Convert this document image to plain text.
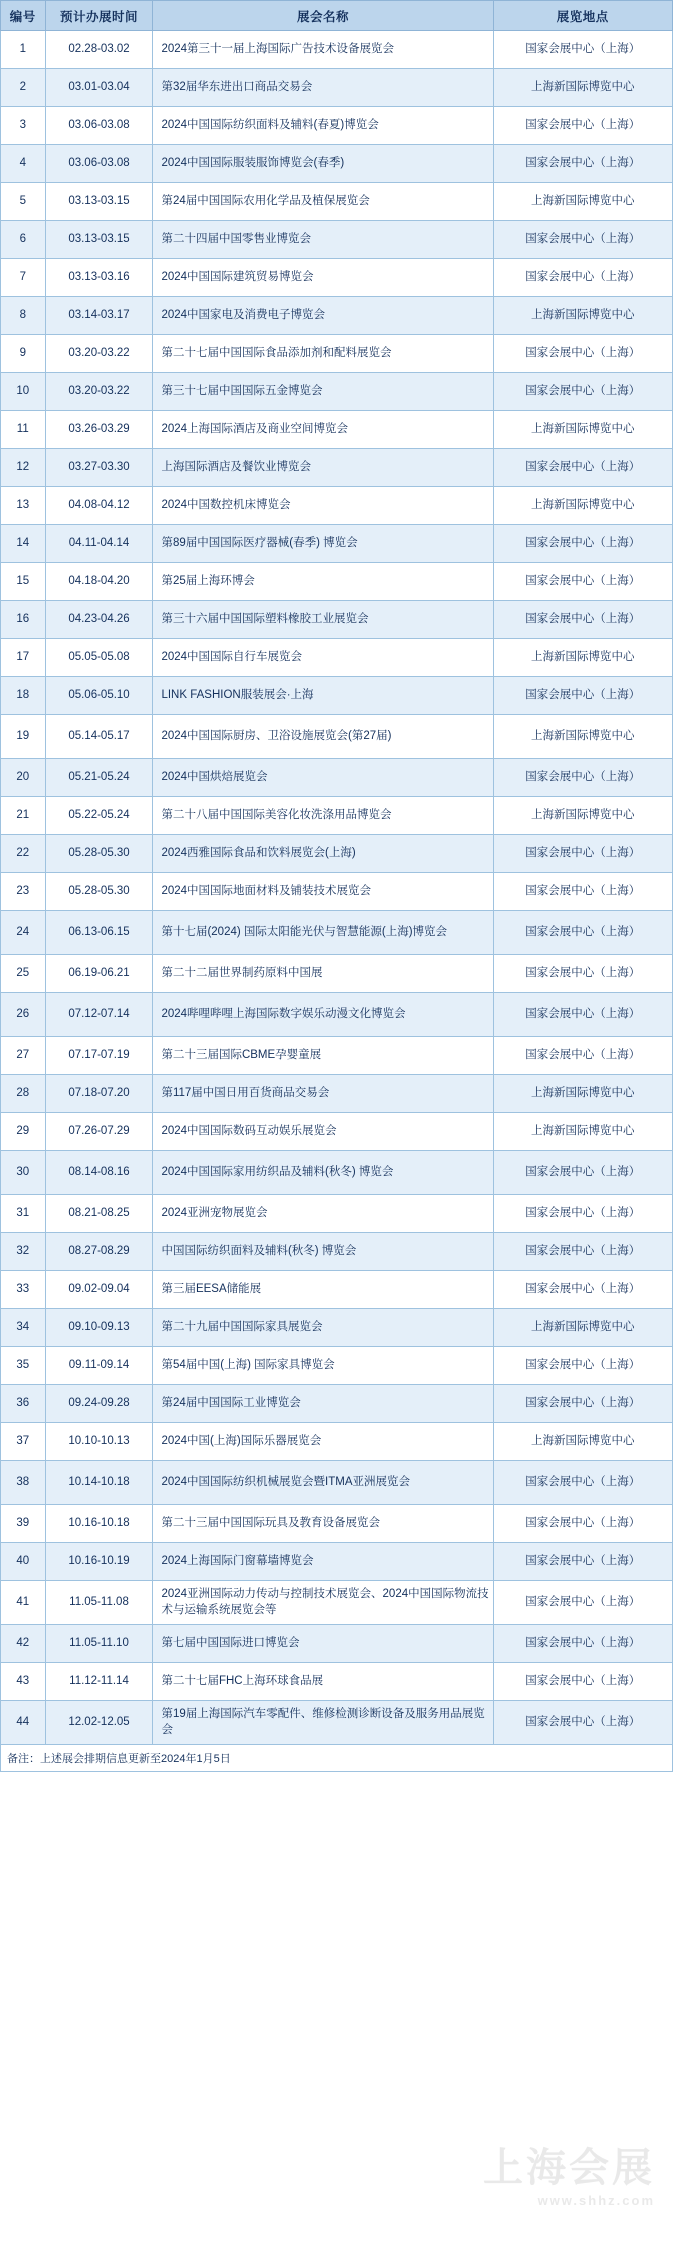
编号	预计办展时间	展会名称	展览地点
1	02.28-03.02	2024第三十一届上海国际广告技术设备展览会	国家会展中心（上海）
2	03.01-03.04	第32届华东进出口商品交易会	上海新国际博览中心
3	03.06-03.08	2024中国国际纺织面料及辅料(春夏)博览会	国家会展中心（上海）
4	03.06-03.08	2024中国国际服装服饰博览会(春季)	国家会展中心（上海）
5	03.13-03.15	第24届中国国际农用化学品及植保展览会	上海新国际博览中心
6	03.13-03.15	第二十四届中国零售业博览会	国家会展中心（上海）
7	03.13-03.16	2024中国国际建筑贸易博览会	国家会展中心（上海）
8	03.14-03.17	2024中国家电及消费电子博览会	上海新国际博览中心
9	03.20-03.22	第二十七届中国国际食品添加剂和配料展览会	国家会展中心（上海）
10	03.20-03.22	第三十七届中国国际五金博览会	国家会展中心（上海）
11	03.26-03.29	2024上海国际酒店及商业空间博览会	上海新国际博览中心
12	03.27-03.30	上海国际酒店及餐饮业博览会	国家会展中心（上海）
13	04.08-04.12	2024中国数控机床博览会	上海新国际博览中心
14	04.11-04.14	第89届中国国际医疗器械(春季) 博览会	国家会展中心（上海）
15	04.18-04.20	第25届上海环博会	国家会展中心（上海）
16	04.23-04.26	第三十六届中国国际塑料橡胶工业展览会	国家会展中心（上海）
17	05.05-05.08	2024中国国际自行车展览会	上海新国际博览中心
18	05.06-05.10	LINK FASHION服装展会·上海	国家会展中心（上海）
19	05.14-05.17	2024中国国际厨房、卫浴设施展览会(第27届)	上海新国际博览中心
20	05.21-05.24	2024中国烘焙展览会	国家会展中心（上海）
21	05.22-05.24	第二十八届中国国际美容化妆洗涤用品博览会	上海新国际博览中心
22	05.28-05.30	2024西雅国际食品和饮料展览会(上海)	国家会展中心（上海）
23	05.28-05.30	2024中国国际地面材料及铺装技术展览会	国家会展中心（上海）
24	06.13-06.15	第十七届(2024) 国际太阳能光伏与智慧能源(上海)博览会	国家会展中心（上海）
25	06.19-06.21	第二十二届世界制药原料中国展	国家会展中心（上海）
26	07.12-07.14	2024哔哩哔哩上海国际数字娱乐动漫文化博览会	国家会展中心（上海）
27	07.17-07.19	第二十三届国际CBME孕婴童展	国家会展中心（上海）
28	07.18-07.20	第117届中国日用百货商品交易会	上海新国际博览中心
29	07.26-07.29	2024中国国际数码互动娱乐展览会	上海新国际博览中心
30	08.14-08.16	2024中国国际家用纺织品及辅料(秋冬) 博览会	国家会展中心（上海）
31	08.21-08.25	2024亚洲宠物展览会	国家会展中心（上海）
32	08.27-08.29	中国国际纺织面料及辅料(秋冬) 博览会	国家会展中心（上海）
33	09.02-09.04	第三届EESA储能展	国家会展中心（上海）
34	09.10-09.13	第二十九届中国国际家具展览会	上海新国际博览中心
35	09.11-09.14	第54届中国(上海) 国际家具博览会	国家会展中心（上海）
36	09.24-09.28	第24届中国国际工业博览会	国家会展中心（上海）
37	10.10-10.13	2024中国(上海)国际乐器展览会	上海新国际博览中心
38	10.14-10.18	2024中国国际纺织机械展览会暨ITMA亚洲展览会	国家会展中心（上海）
39	10.16-10.18	第二十三届中国国际玩具及教育设备展览会	国家会展中心（上海）
40	10.16-10.19	2024上海国际门窗幕墙博览会	国家会展中心（上海）
41	11.05-11.08	2024亚洲国际动力传动与控制技术展览会、2024中国国际物流技术与运输系统展览会等	国家会展中心（上海）
42	11.05-11.10	第七届中国国际进口博览会	国家会展中心（上海）
43	11.12-11.14	第二十七届FHC上海环球食品展	国家会展中心（上海）
44	12.02-12.05	第19届上海国际汽车零配件、维修检测诊断设备及服务用品展览会	国家会展中心（上海）
备注：上述展会排期信息更新至2024年1月5日
上海会展
www.shhz.com
